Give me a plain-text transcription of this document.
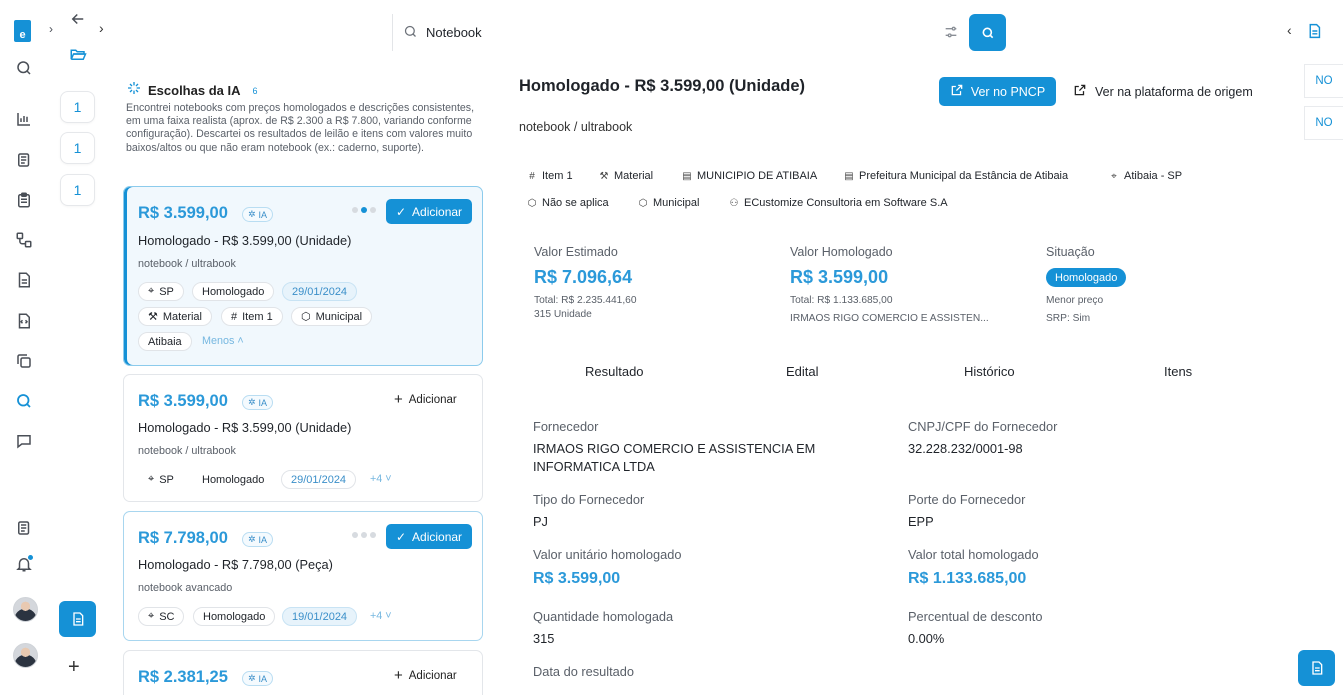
e	›
1
1
1
+
›	Notebook
Escolhas da IA 6
Encontrei notebooks com preços homologados e descrições consistentes, em uma faixa realista (aprox. de R$ 2.300 a R$ 7.800, variando conforme configuração). Descartei os resultados de leilão e itens com valores muito baixos/altos ou que não eram notebook (ex.: caderno, suporte).
R$ 3.599,00 ✲ IA	✓ Adicionar
Homologado - R$ 3.599,00 (Unidade)
notebook / ultrabook
⌖ SP	Homologado	29/01/2024
⚒ Material	# Item 1	⬡ Municipal
Atibaia	Menos ˄
R$ 3.599,00 ✲ IA	+ Adicionar
Homologado - R$ 3.599,00 (Unidade)
notebook / ultrabook
⌖ SP	Homologado	29/01/2024	+4 ˅
R$ 7.798,00 ✲ IA	✓ Adicionar
Homologado - R$ 7.798,00 (Peça)
notebook avancado
⌖ SC	Homologado	19/01/2024	+4 ˅
R$ 2.381,25 ✲ IA	+ Adicionar
Homologado - R$ 3.599,00 (Unidade)
notebook / ultrabook
Ver no PNCP	Ver na plataforma de origem
# Item 1	⚒ Material	▤ MUNICIPIO DE ATIBAIA	▤ Prefeitura Municipal da Estância de Atibaia	⌖ Atibaia - SP
⬡ Não se aplica	⬡ Municipal	⚇ ECustomize Consultoria em Software S.A
Valor Estimado
R$ 7.096,64
Total: R$ 2.235.441,60
315 Unidade
Valor Homologado
R$ 3.599,00
Total: R$ 1.133.685,00
IRMAOS RIGO COMERCIO E ASSISTEN...
Situação
Homologado
Menor preço
SRP: Sim
Resultado	Edital	Histórico	Itens
Fornecedor
IRMAOS RIGO COMERCIO E ASSISTENCIA EM INFORMATICA LTDA
CNPJ/CPF do Fornecedor
32.228.232/0001-98
Tipo do Fornecedor
PJ
Porte do Fornecedor
EPP
Valor unitário homologado
R$ 3.599,00
Valor total homologado
R$ 1.133.685,00
Quantidade homologada
315
Percentual de desconto
0.00%
Data do resultado
‹
NO
NO
